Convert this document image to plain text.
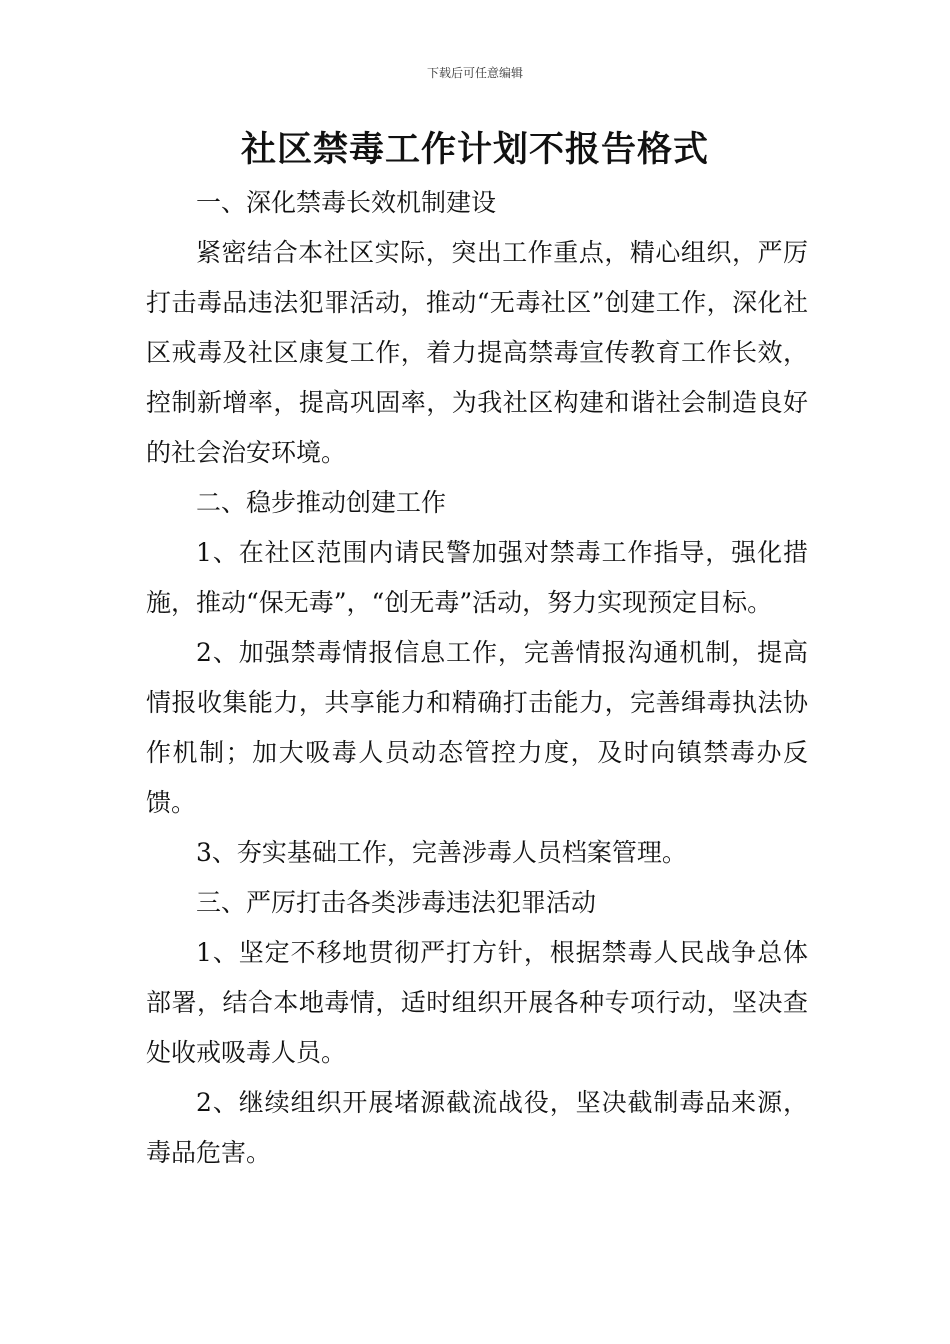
下载后可任意编辑
社区禁毒工作计划不报告格式

一、深化禁毒长效机制建设

紧密结合本社区实际，突出工作重点，精心组织，严厉打击毒品违法犯罪活动，推动“无毒社区”创建工作，深化社区戒毒及社区康复工作，着力提高禁毒宣传教育工作长效，控制新增率，提高巩固率，为我社区构建和谐社会制造良好的社会治安环境。

二、稳步推动创建工作

1、在社区范围内请民警加强对禁毒工作指导，强化措施，推动“保无毒”，“创无毒”活动，努力实现预定目标。

2、加强禁毒情报信息工作，完善情报沟通机制，提高情报收集能力，共享能力和精确打击能力，完善缉毒执法协作机制；加大吸毒人员动态管控力度，及时向镇禁毒办反馈。

3、夯实基础工作，完善涉毒人员档案管理。

三、严厉打击各类涉毒违法犯罪活动

1、坚定不移地贯彻严打方针，根据禁毒人民战争总体部署，结合本地毒情，适时组织开展各种专项行动，坚决查处收戒吸毒人员。

2、继续组织开展堵源截流战役，坚决截制毒品来源，毒品危害。
